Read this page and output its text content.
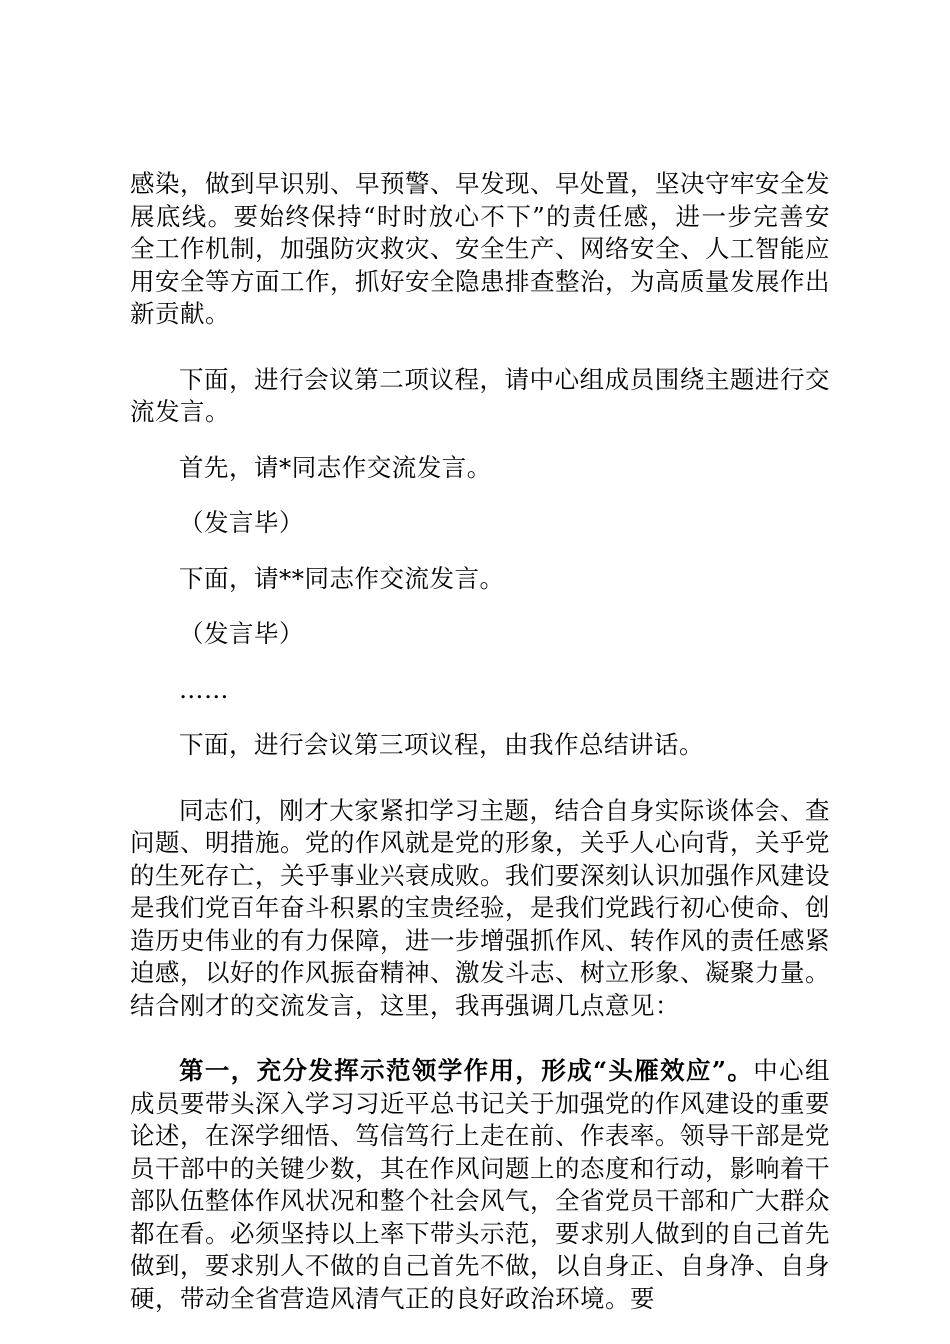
感染，做到早识别、早预警、早发现、早处置，坚决守牢安全发展底线。要始终保持“时时放心不下”的责任感，进一步完善安全工作机制，加强防灾救灾、安全生产、网络安全、人工智能应用安全等方面工作，抓好安全隐患排查整治，为高质量发展作出新贡献。

下面，进行会议第二项议程，请中心组成员围绕主题进行交流发言。

首先，请*同志作交流发言。

（发言毕）

下面，请**同志作交流发言。

（发言毕）

……

下面，进行会议第三项议程，由我作总结讲话。

同志们，刚才大家紧扣学习主题，结合自身实际谈体会、查问题、明措施。党的作风就是党的形象，关乎人心向背，关乎党的生死存亡，关乎事业兴衰成败。我们要深刻认识加强作风建设是我们党百年奋斗积累的宝贵经验，是我们党践行初心使命、创造历史伟业的有力保障，进一步增强抓作风、转作风的责任感紧迫感，以好的作风振奋精神、激发斗志、树立形象、凝聚力量。结合刚才的交流发言，这里，我再强调几点意见：

第一，充分发挥示范领学作用，形成“头雁效应”。中心组成员要带头深入学习习近平总书记关于加强党的作风建设的重要论述，在深学细悟、笃信笃行上走在前、作表率。领导干部是党员干部中的关键少数，其在作风问题上的态度和行动，影响着干部队伍整体作风状况和整个社会风气，全省党员干部和广大群众都在看。必须坚持以上率下带头示范，要求别人做到的自己首先做到，要求别人不做的自己首先不做，以自身正、自身净、自身硬，带动全省营造风清气正的良好政治环境。要
